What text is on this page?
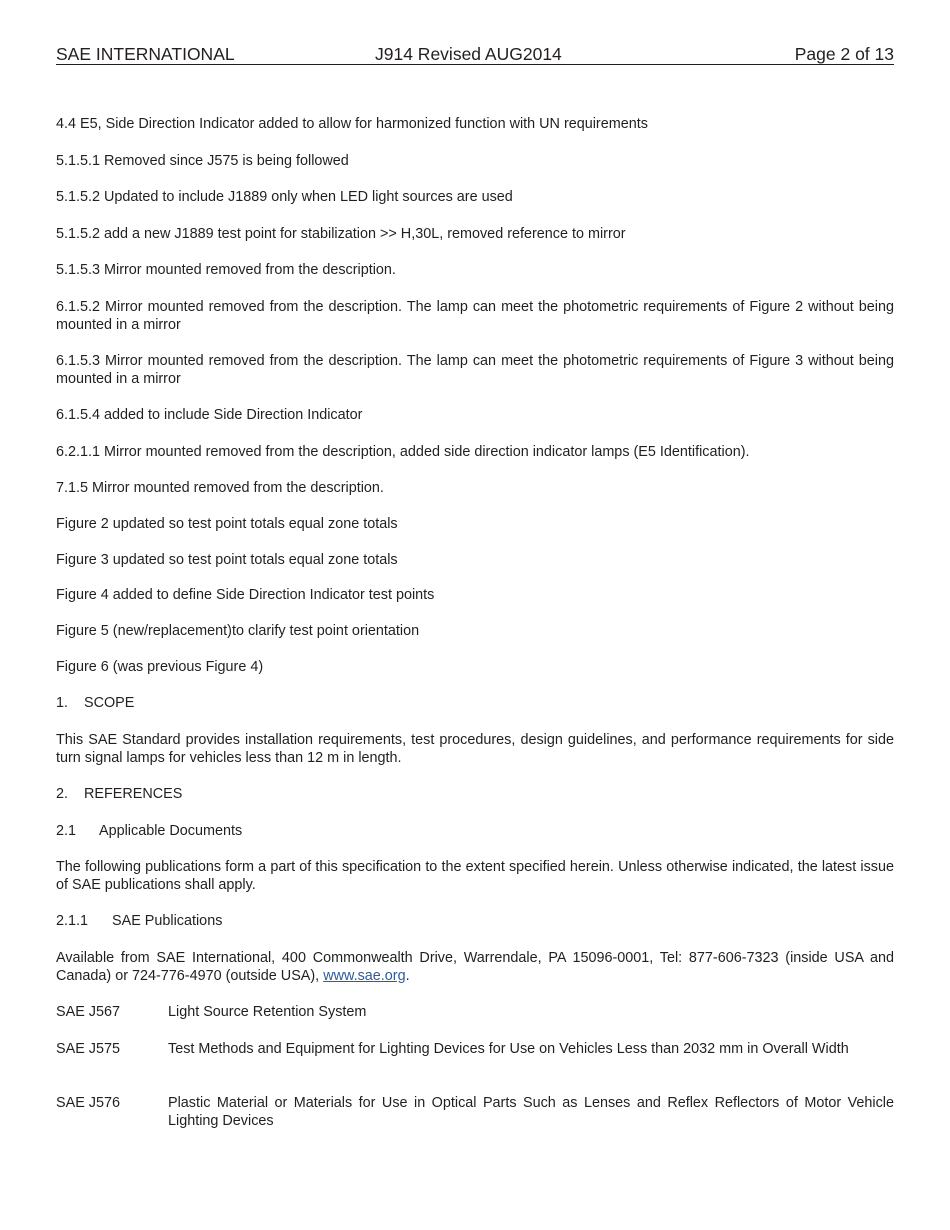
SAE INTERNATIONAL	J914 Revised AUG2014	Page 2 of 13
4.4 E5, Side Direction Indicator added to allow for harmonized function with UN requirements
5.1.5.1 Removed since J575 is being followed
5.1.5.2 Updated to include J1889 only when LED light sources are used
5.1.5.2 add a new J1889 test point for stabilization >> H,30L, removed reference to mirror
5.1.5.3 Mirror mounted removed from the description.
6.1.5.2 Mirror mounted removed from the description. The lamp can meet the photometric requirements of Figure 2 without being mounted in a mirror
6.1.5.3 Mirror mounted removed from the description. The lamp can meet the photometric requirements of Figure 3 without being mounted in a mirror
6.1.5.4 added to include Side Direction Indicator
6.2.1.1 Mirror mounted removed from the description, added side direction indicator lamps (E5 Identification).
7.1.5 Mirror mounted removed from the description.
Figure 2 updated so test point totals equal zone totals
Figure 3 updated so test point totals equal zone totals
Figure 4 added to define Side Direction Indicator test points
Figure 5 (new/replacement)to clarify test point orientation
Figure 6 (was previous Figure 4)
1. SCOPE
This SAE Standard provides installation requirements, test procedures, design guidelines, and performance requirements for side turn signal lamps for vehicles less than 12 m in length.
2. REFERENCES
2.1 Applicable Documents
The following publications form a part of this specification to the extent specified herein. Unless otherwise indicated, the latest issue of SAE publications shall apply.
2.1.1 SAE Publications
Available from SAE International, 400 Commonwealth Drive, Warrendale, PA 15096-0001, Tel: 877-606-7323 (inside USA and Canada) or 724-776-4970 (outside USA), www.sae.org.
SAE J567	Light Source Retention System
SAE J575	Test Methods and Equipment for Lighting Devices for Use on Vehicles Less than 2032 mm in Overall Width
SAE J576	Plastic Material or Materials for Use in Optical Parts Such as Lenses and Reflex Reflectors of Motor Vehicle Lighting Devices
